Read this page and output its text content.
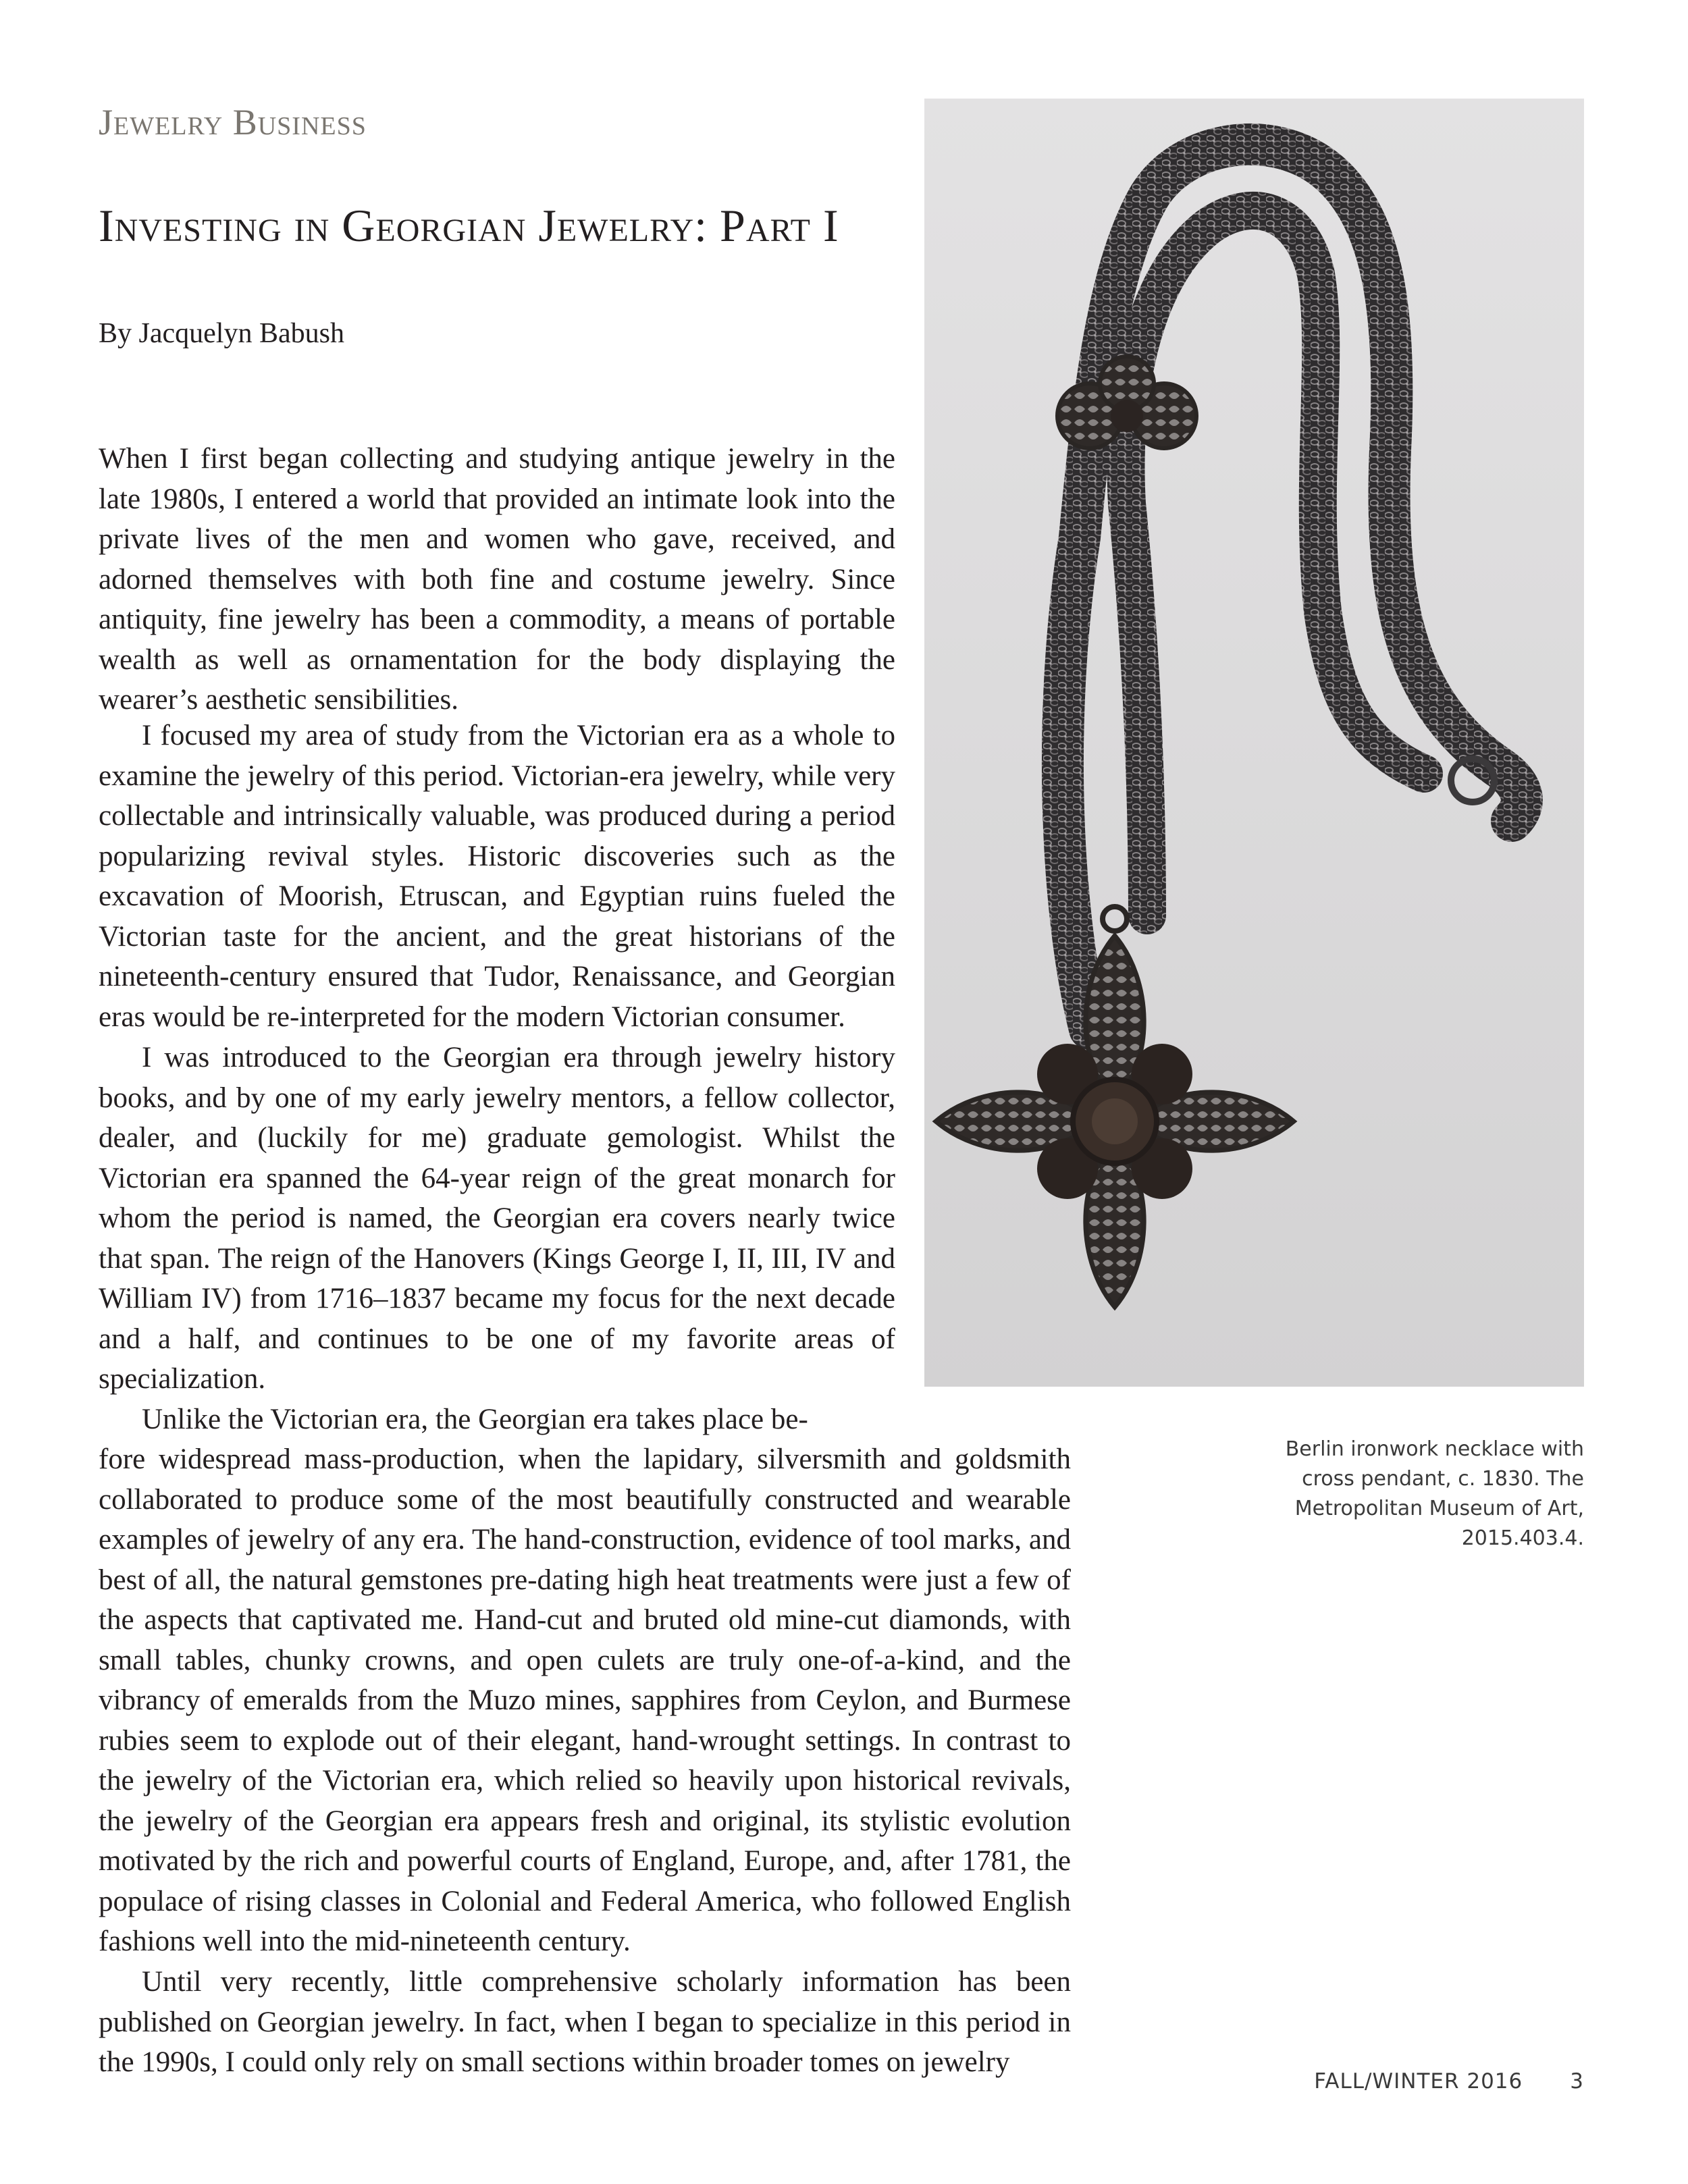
Jewelry Business
Investing in Georgian Jewelry: Part I
By Jacquelyn Babush
When I first began collecting and studying antique jewelry in the late 1980s, I entered a world that provided an intimate look into the private lives of the men and women who gave, received, and adorned themselves with both fine and costume jewelry. Since antiquity, fine jewelry has been a commodity, a means of portable wealth as well as ornamentation for the body displaying the wearer’s aesthetic sensibilities.
I focused my area of study from the Victorian era as a whole to examine the jewelry of this period. Victorian-era jewelry, while very collectable and intrinsically valuable, was produced during a period popularizing revival styles. Historic discoveries such as the excavation of Moorish, Etruscan, and Egyptian ruins fueled the Victorian taste for the ancient, and the great historians of the nineteenth-century ensured that Tudor, Renaissance, and Georgian eras would be re-interpreted for the modern Victorian consumer.
I was introduced to the Georgian era through jewelry history books, and by one of my early jewelry mentors, a fellow collector, dealer, and (luckily for me) graduate gemologist. Whilst the Victorian era spanned the 64-year reign of the great monarch for whom the period is named, the Georgian era covers nearly twice that span. The reign of the Hanovers (Kings George I, II, III, IV and William IV) from 1716–1837 became my focus for the next decade and a half, and continues to be one of my favorite areas of specialization.
Unlike the Victorian era, the Georgian era takes place be-
fore widespread mass-production, when the lapidary, silversmith and goldsmith collaborated to produce some of the most beautifully constructed and wearable examples of jewelry of any era. The hand-construction, evidence of tool marks, and best of all, the natural gemstones pre-dating high heat treatments were just a few of the aspects that captivated me. Hand-cut and bruted old mine-cut diamonds, with small tables, chunky crowns, and open culets are truly one-of-a-kind, and the vibrancy of emeralds from the Muzo mines, sapphires from Ceylon, and Burmese rubies seem to explode out of their elegant, hand-wrought settings. In contrast to the jewelry of the Victorian era, which relied so heavily upon historical revivals, the jewelry of the Georgian era appears fresh and original, its stylistic evolution motivated by the rich and powerful courts of England, Europe, and, after 1781, the populace of rising classes in Colonial and Federal America, who followed English fashions well into the mid-nineteenth century.
Until very recently, little comprehensive scholarly information has been published on Georgian jewelry. In fact, when I began to specialize in this period in the 1990s, I could only rely on small sections within broader tomes on jewelry
Berlin ironwork necklace with cross pendant, c. 1830. The Metropolitan Museum of Art, 2015.403.4.
FALL/WINTER 2016 3
